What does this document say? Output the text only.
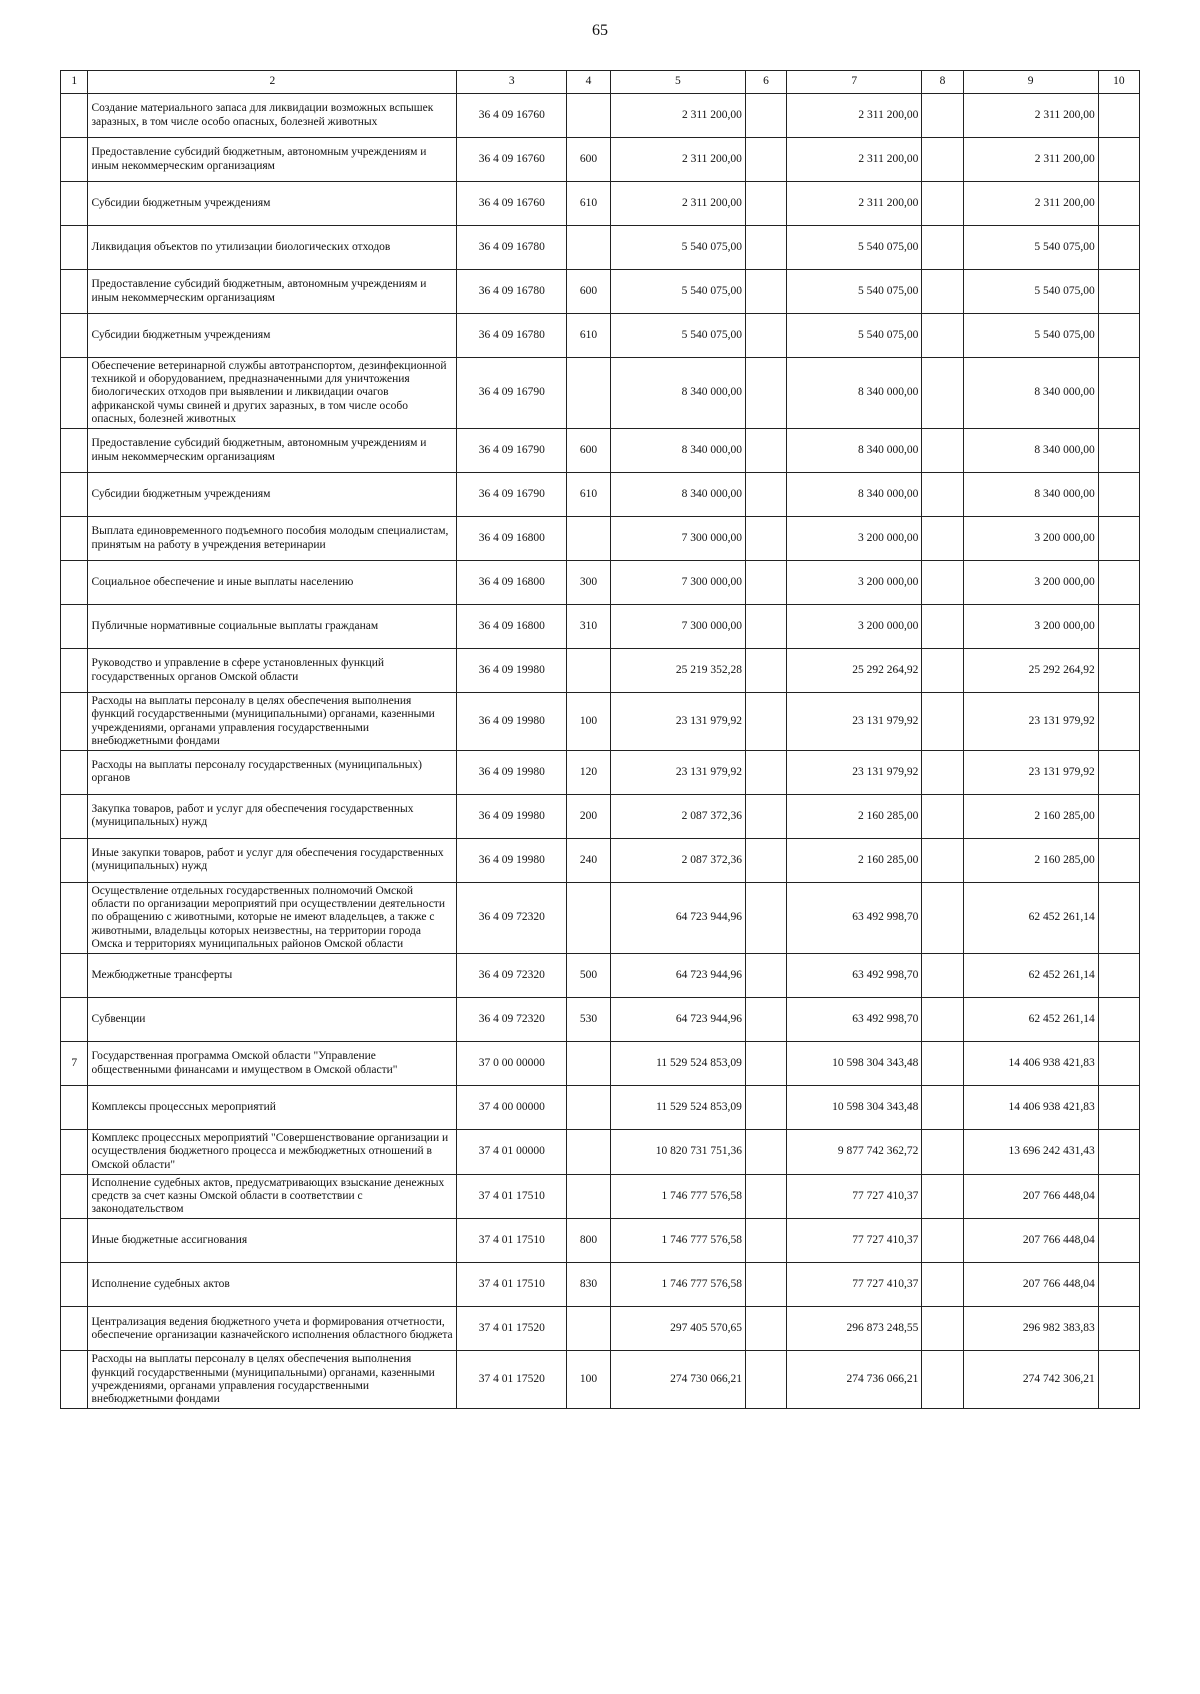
65
1	2	3	4	5	6	7	8	9	10
	Создание материального запаса для ликвидации возможных вспышек заразных, в том числе особо опасных, болезней животных	36 4 09 16760		2 311 200,00		2 311 200,00		2 311 200,00	
	Предоставление субсидий бюджетным, автономным учреждениям и иным некоммерческим организациям	36 4 09 16760	600	2 311 200,00		2 311 200,00		2 311 200,00	
	Субсидии бюджетным учреждениям	36 4 09 16760	610	2 311 200,00		2 311 200,00		2 311 200,00	
	Ликвидация объектов по утилизации биологических отходов	36 4 09 16780		5 540 075,00		5 540 075,00		5 540 075,00	
	Предоставление субсидий бюджетным, автономным учреждениям и иным некоммерческим организациям	36 4 09 16780	600	5 540 075,00		5 540 075,00		5 540 075,00	
	Субсидии бюджетным учреждениям	36 4 09 16780	610	5 540 075,00		5 540 075,00		5 540 075,00	
	Обеспечение ветеринарной службы автотранспортом, дезинфекционной техникой и оборудованием, предназначенными для уничтожения биологических отходов при выявлении и ликвидации очагов африканской чумы свиней и других заразных, в том числе особо опасных, болезней животных	36 4 09 16790		8 340 000,00		8 340 000,00		8 340 000,00	
	Предоставление субсидий бюджетным, автономным учреждениям и иным некоммерческим организациям	36 4 09 16790	600	8 340 000,00		8 340 000,00		8 340 000,00	
	Субсидии бюджетным учреждениям	36 4 09 16790	610	8 340 000,00		8 340 000,00		8 340 000,00	
	Выплата единовременного подъемного пособия молодым специалистам, принятым на работу в учреждения ветеринарии	36 4 09 16800		7 300 000,00		3 200 000,00		3 200 000,00	
	Социальное обеспечение и иные выплаты населению	36 4 09 16800	300	7 300 000,00		3 200 000,00		3 200 000,00	
	Публичные нормативные социальные выплаты гражданам	36 4 09 16800	310	7 300 000,00		3 200 000,00		3 200 000,00	
	Руководство и управление в сфере установленных функций государственных органов Омской области	36 4 09 19980		25 219 352,28		25 292 264,92		25 292 264,92	
	Расходы на выплаты персоналу в целях обеспечения выполнения функций государственными (муниципальными) органами, казенными учреждениями, органами управления государственными внебюджетными фондами	36 4 09 19980	100	23 131 979,92		23 131 979,92		23 131 979,92	
	Расходы на выплаты персоналу государственных (муниципальных) органов	36 4 09 19980	120	23 131 979,92		23 131 979,92		23 131 979,92	
	Закупка товаров, работ и услуг для обеспечения государственных (муниципальных) нужд	36 4 09 19980	200	2 087 372,36		2 160 285,00		2 160 285,00	
	Иные закупки товаров, работ и услуг для обеспечения государственных (муниципальных) нужд	36 4 09 19980	240	2 087 372,36		2 160 285,00		2 160 285,00	
	Осуществление отдельных государственных полномочий Омской области по организации мероприятий при осуществлении деятельности по обращению с животными, которые не имеют владельцев, а также с животными, владельцы которых неизвестны, на территории города Омска и территориях муниципальных районов Омской области	36 4 09 72320		64 723 944,96		63 492 998,70		62 452 261,14	
	Межбюджетные трансферты	36 4 09 72320	500	64 723 944,96		63 492 998,70		62 452 261,14	
	Субвенции	36 4 09 72320	530	64 723 944,96		63 492 998,70		62 452 261,14	
7	Государственная программа Омской области "Управление общественными финансами и имуществом в Омской области"	37 0 00 00000		11 529 524 853,09		10 598 304 343,48		14 406 938 421,83	
	Комплексы процессных мероприятий	37 4 00 00000		11 529 524 853,09		10 598 304 343,48		14 406 938 421,83	
	Комплекс процессных мероприятий "Совершенствование организации и осуществления бюджетного процесса и межбюджетных отношений в Омской области"	37 4 01 00000		10 820 731 751,36		9 877 742 362,72		13 696 242 431,43	
	Исполнение судебных актов, предусматривающих взыскание денежных средств за счет казны Омской области в соответствии с законодательством	37 4 01 17510		1 746 777 576,58		77 727 410,37		207 766 448,04	
	Иные бюджетные ассигнования	37 4 01 17510	800	1 746 777 576,58		77 727 410,37		207 766 448,04	
	Исполнение судебных актов	37 4 01 17510	830	1 746 777 576,58		77 727 410,37		207 766 448,04	
	Централизация ведения бюджетного учета и формирования отчетности, обеспечение организации казначейского исполнения областного бюджета	37 4 01 17520		297 405 570,65		296 873 248,55		296 982 383,83	
	Расходы на выплаты персоналу в целях обеспечения выполнения функций государственными (муниципальными) органами, казенными учреждениями, органами управления государственными внебюджетными фондами	37 4 01 17520	100	274 730 066,21		274 736 066,21		274 742 306,21	
